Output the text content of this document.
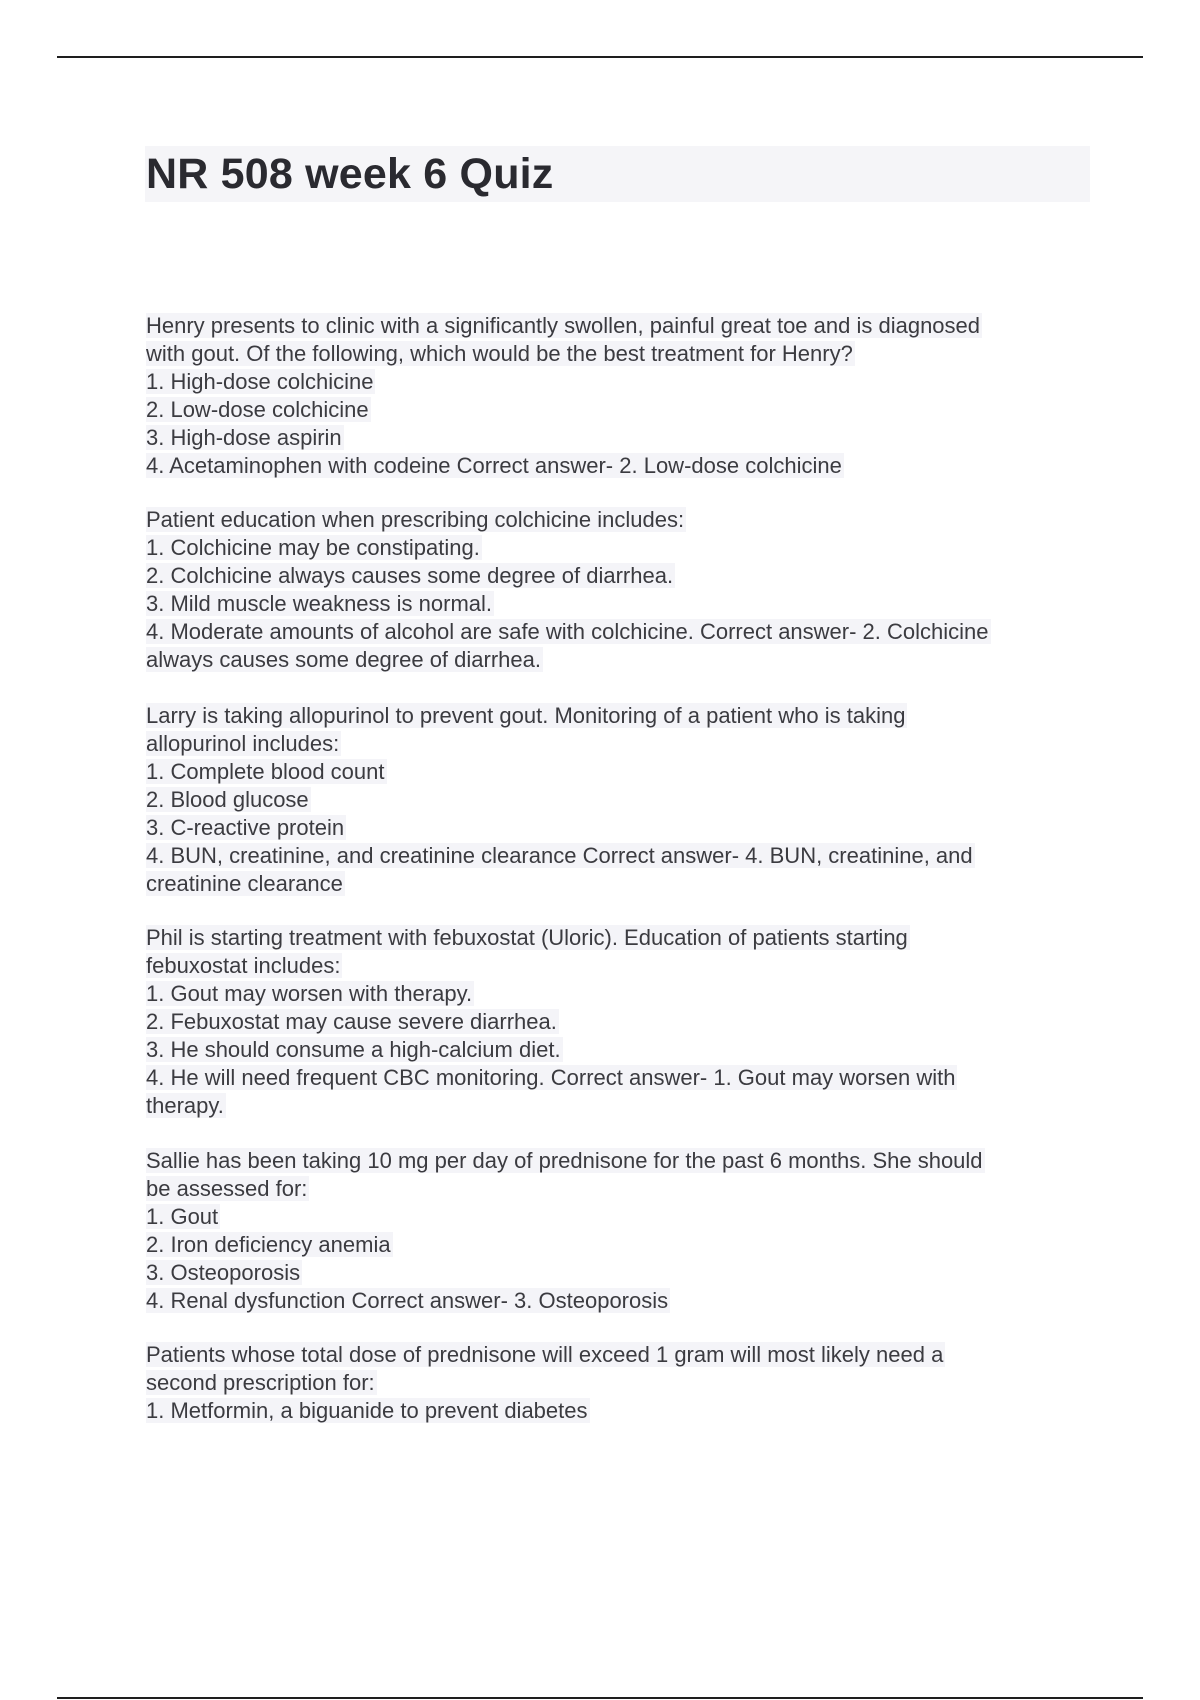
NR 508 week 6 Quiz
Henry presents to clinic with a significantly swollen, painful great toe and is diagnosed
with gout. Of the following, which would be the best treatment for Henry?
1. High-dose colchicine
2. Low-dose colchicine
3. High-dose aspirin
4. Acetaminophen with codeine Correct answer- 2. Low-dose colchicine
Patient education when prescribing colchicine includes:
1. Colchicine may be constipating.
2. Colchicine always causes some degree of diarrhea.
3. Mild muscle weakness is normal.
4. Moderate amounts of alcohol are safe with colchicine. Correct answer- 2. Colchicine
always causes some degree of diarrhea.
Larry is taking allopurinol to prevent gout. Monitoring of a patient who is taking
allopurinol includes:
1. Complete blood count
2. Blood glucose
3. C-reactive protein
4. BUN, creatinine, and creatinine clearance Correct answer- 4. BUN, creatinine, and
creatinine clearance
Phil is starting treatment with febuxostat (Uloric). Education of patients starting
febuxostat includes:
1. Gout may worsen with therapy.
2. Febuxostat may cause severe diarrhea.
3. He should consume a high-calcium diet.
4. He will need frequent CBC monitoring. Correct answer- 1. Gout may worsen with
therapy.
Sallie has been taking 10 mg per day of prednisone for the past 6 months. She should
be assessed for:
1. Gout
2. Iron deficiency anemia
3. Osteoporosis
4. Renal dysfunction Correct answer- 3. Osteoporosis
Patients whose total dose of prednisone will exceed 1 gram will most likely need a
second prescription for:
1. Metformin, a biguanide to prevent diabetes
